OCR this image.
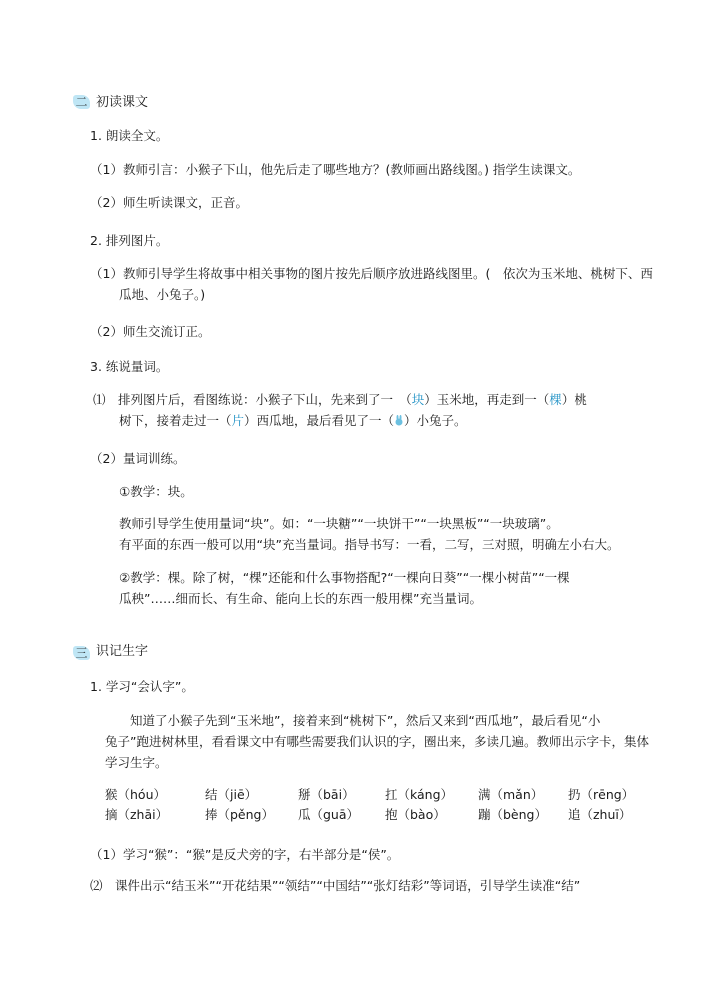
二 初读课文
1. 朗读全文。
（1）教师引言：小猴子下山，他先后走了哪些地方？(教师画出路线图。) 指学生读课文。
（2）师生听读课文，正音。
2. 排列图片。
（1）教师引导学生将故事中相关事物的图片按先后顺序放进路线图里。(　依次为玉米地、桃树下、西
瓜地、小兔子。)
（2）师生交流订正。
3. 练说量词。
⑴　排列图片后，看图练说：小猴子下山，先来到了一　（块）玉米地，再走到一（棵）桃
树下，接着走过一（片）西瓜地，最后看见了一（ ）小兔子。
（2）量词训练。
①教学：块。
教师引导学生使用量词“块”。如：“一块糖”“一块饼干”“一块黑板”“一块玻璃”。
有平面的东西一般可以用“块”充当量词。指导书写：一看，二写，三对照，明确左小右大。
②教学：棵。除了树，“棵”还能和什么事物搭配?“一棵向日葵”“一棵小树苗”“一棵
瓜秧”……细而长、有生命、能向上长的东西一般用棵”充当量词。
三 识记生字
1. 学习“会认字”。
知道了小猴子先到“玉米地”，接着来到“桃树下”，然后又来到“西瓜地”，最后看见“小
兔子”跑进树林里，看看课文中有哪些需要我们认识的字，圈出来，多读几遍。教师出示字卡，集体
学习生字。
猴（hóu）	结（jiē）	掰（bāi） 扛（káng） 满（mǎn） 扔（rēng）
摘（zhāi）	捧（pěng） 瓜（guā） 抱（bào）	蹦（bèng） 追（zhuī）
（1）学习“猴”：“猴”是反犬旁的字，右半部分是“侯”。
⑵　课件出示“结玉米”“开花结果”“领结”“中国结”“张灯结彩”等词语，引导学生读准“结”
